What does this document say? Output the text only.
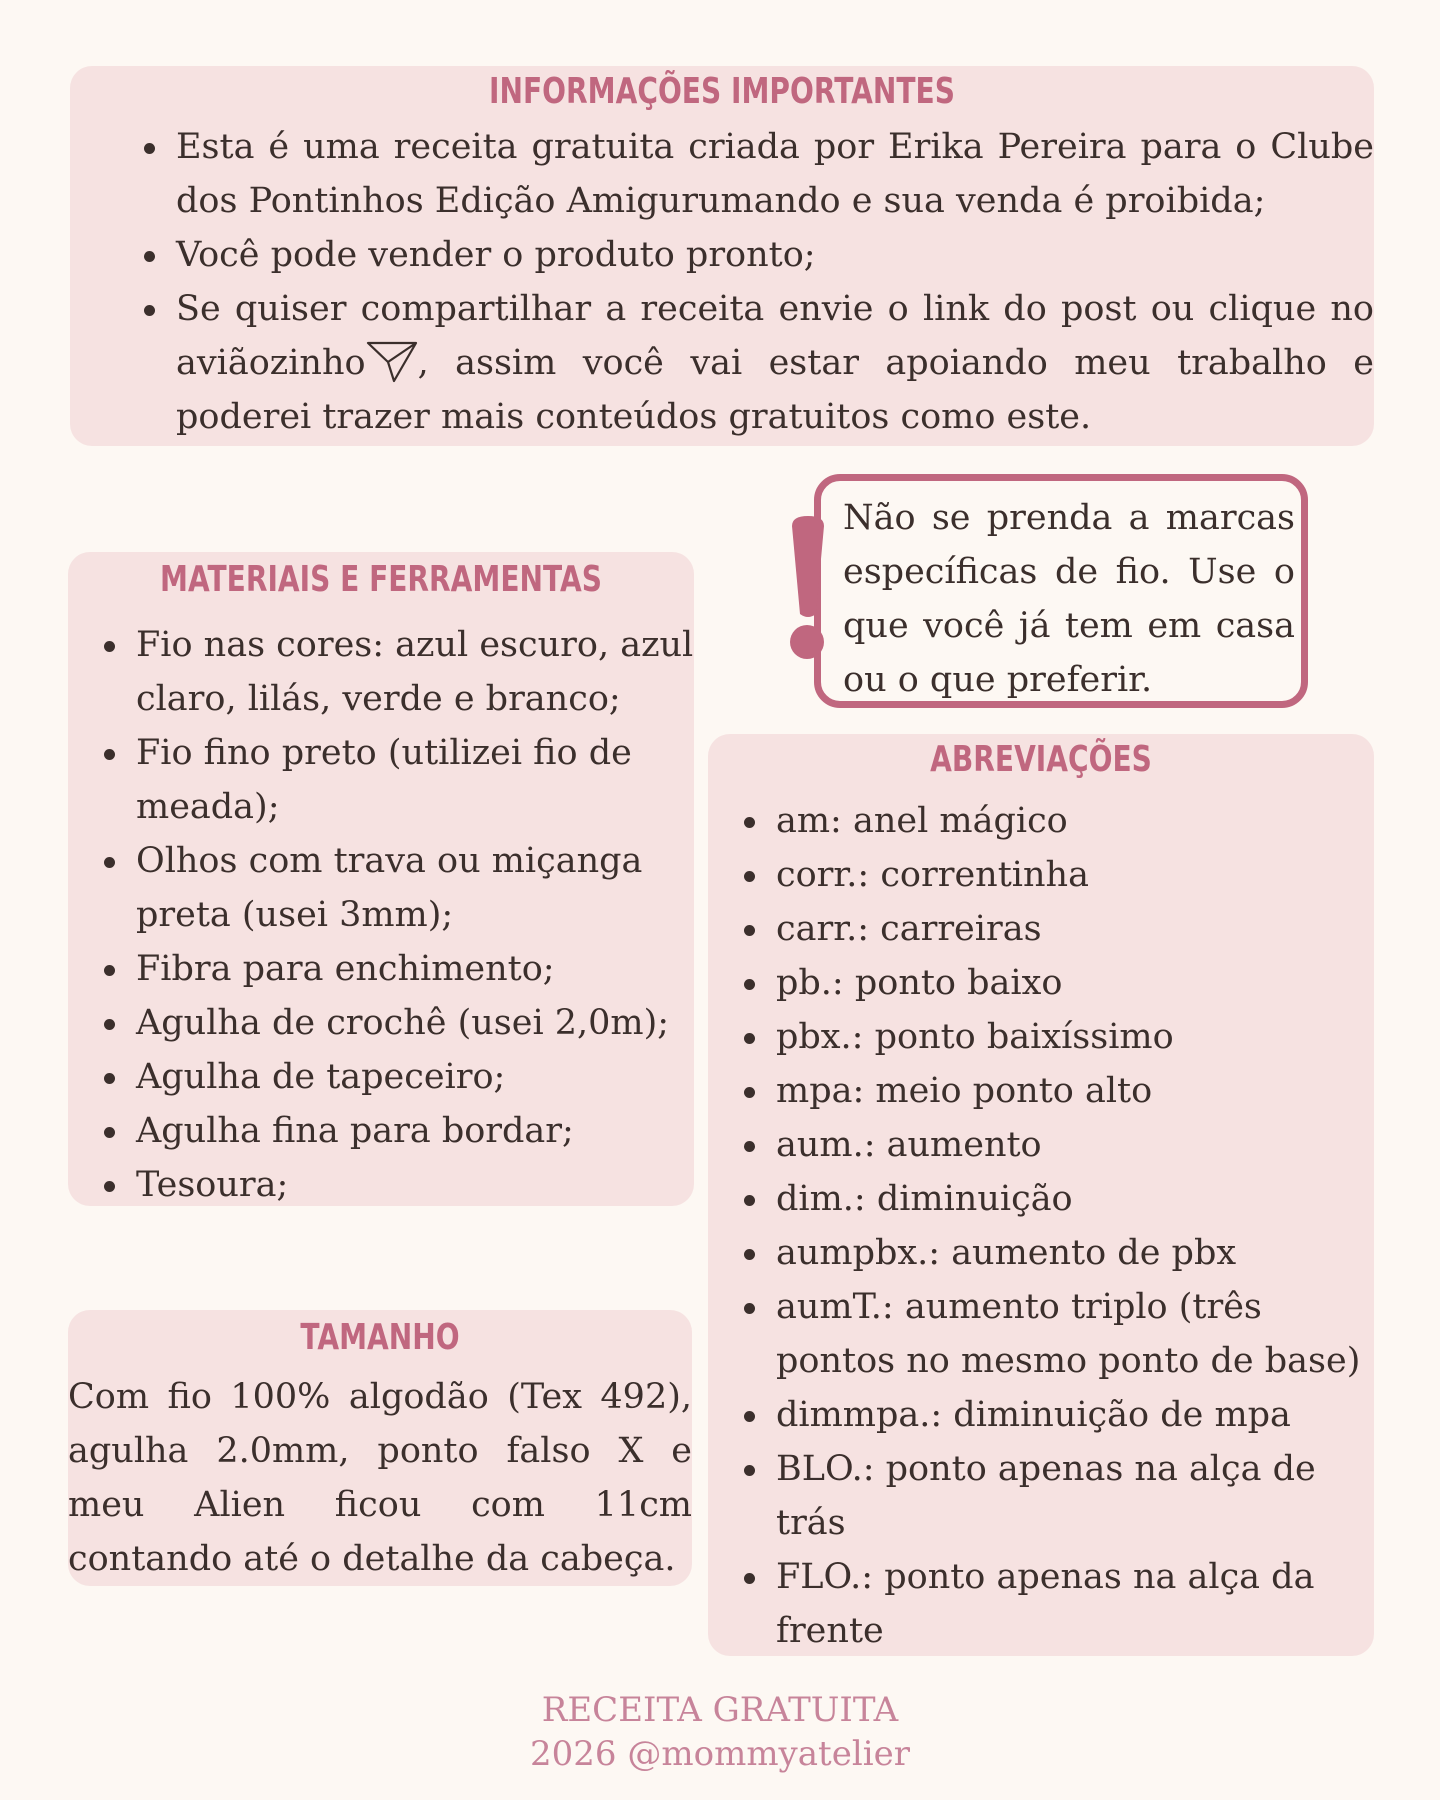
INFORMAÇÕES IMPORTANTES
Esta é uma receita gratuita criada por Erika Pereira para o Clube dos Pontinhos Edição Amigurumando e sua venda é proibida;
Você pode vender o produto pronto;
Se quiser compartilhar a receita envie o link do post ou clique no aviãozinho , assim você vai estar apoiando meu trabalho e poderei trazer mais conteúdos gratuitos como este.

Não se prenda a marcas específicas de fio. Use o que você já tem em casa ou o que preferir.

MATERIAIS E FERRAMENTAS
Fio nas cores: azul escuro, azul claro, lilás, verde e branco;
Fio fino preto (utilizei fio de meada);
Olhos com trava ou miçanga preta (usei 3mm);
Fibra para enchimento;
Agulha de crochê (usei 2,0m);
Agulha de tapeceiro;
Agulha fina para bordar;
Tesoura;
TAMANHO

Com fio 100% algodão (Tex 492), agulha 2.0mm, ponto falso X e meu Alien ficou com 11cm contando até o detalhe da cabeça.

ABREVIAÇÕES
am: anel mágico
corr.: correntinha
carr.: carreiras
pb.: ponto baixo
pbx.: ponto baixíssimo
mpa: meio ponto alto
aum.: aumento
dim.: diminuição
aumpbx.: aumento de pbx
aumT.: aumento triplo (três pontos no mesmo ponto de base)
dimmpa.: diminuição de mpa
BLO.: ponto apenas na alça de trás
FLO.: ponto apenas na alça da frente
RECEITA GRATUITA
2026 @mommyatelier
